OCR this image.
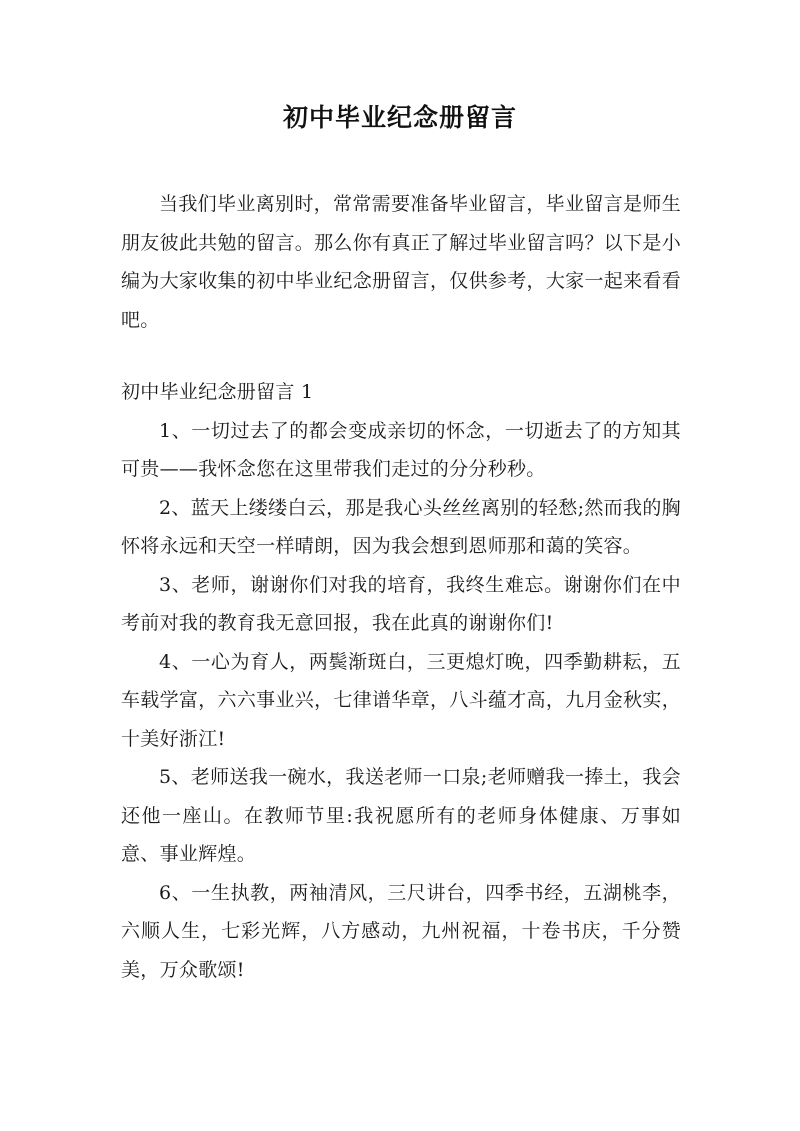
初中毕业纪念册留言

当我们毕业离别时，常常需要准备毕业留言，毕业留言是师生朋友彼此共勉的留言。那么你有真正了解过毕业留言吗？以下是小编为大家收集的初中毕业纪念册留言，仅供参考，大家一起来看看吧。

初中毕业纪念册留言 1

1、一切过去了的都会变成亲切的怀念，一切逝去了的方知其可贵——我怀念您在这里带我们走过的分分秒秒。

2、蓝天上缕缕白云，那是我心头丝丝离别的轻愁;然而我的胸怀将永远和天空一样晴朗，因为我会想到恩师那和蔼的笑容。

3、老师，谢谢你们对我的培育，我终生难忘。谢谢你们在中考前对我的教育我无意回报，我在此真的谢谢你们!

4、一心为育人，两鬓渐斑白，三更熄灯晚，四季勤耕耘，五车载学富，六六事业兴，七律谱华章，八斗蕴才高，九月金秋实，十美好浙江!

5、老师送我一碗水，我送老师一口泉;老师赠我一捧土，我会还他一座山。在教师节里:我祝愿所有的老师身体健康、万事如意、事业辉煌。

6、一生执教，两袖清风，三尺讲台，四季书经，五湖桃李，六顺人生，七彩光辉，八方感动，九州祝福，十卷书庆，千分赞美，万众歌颂!
